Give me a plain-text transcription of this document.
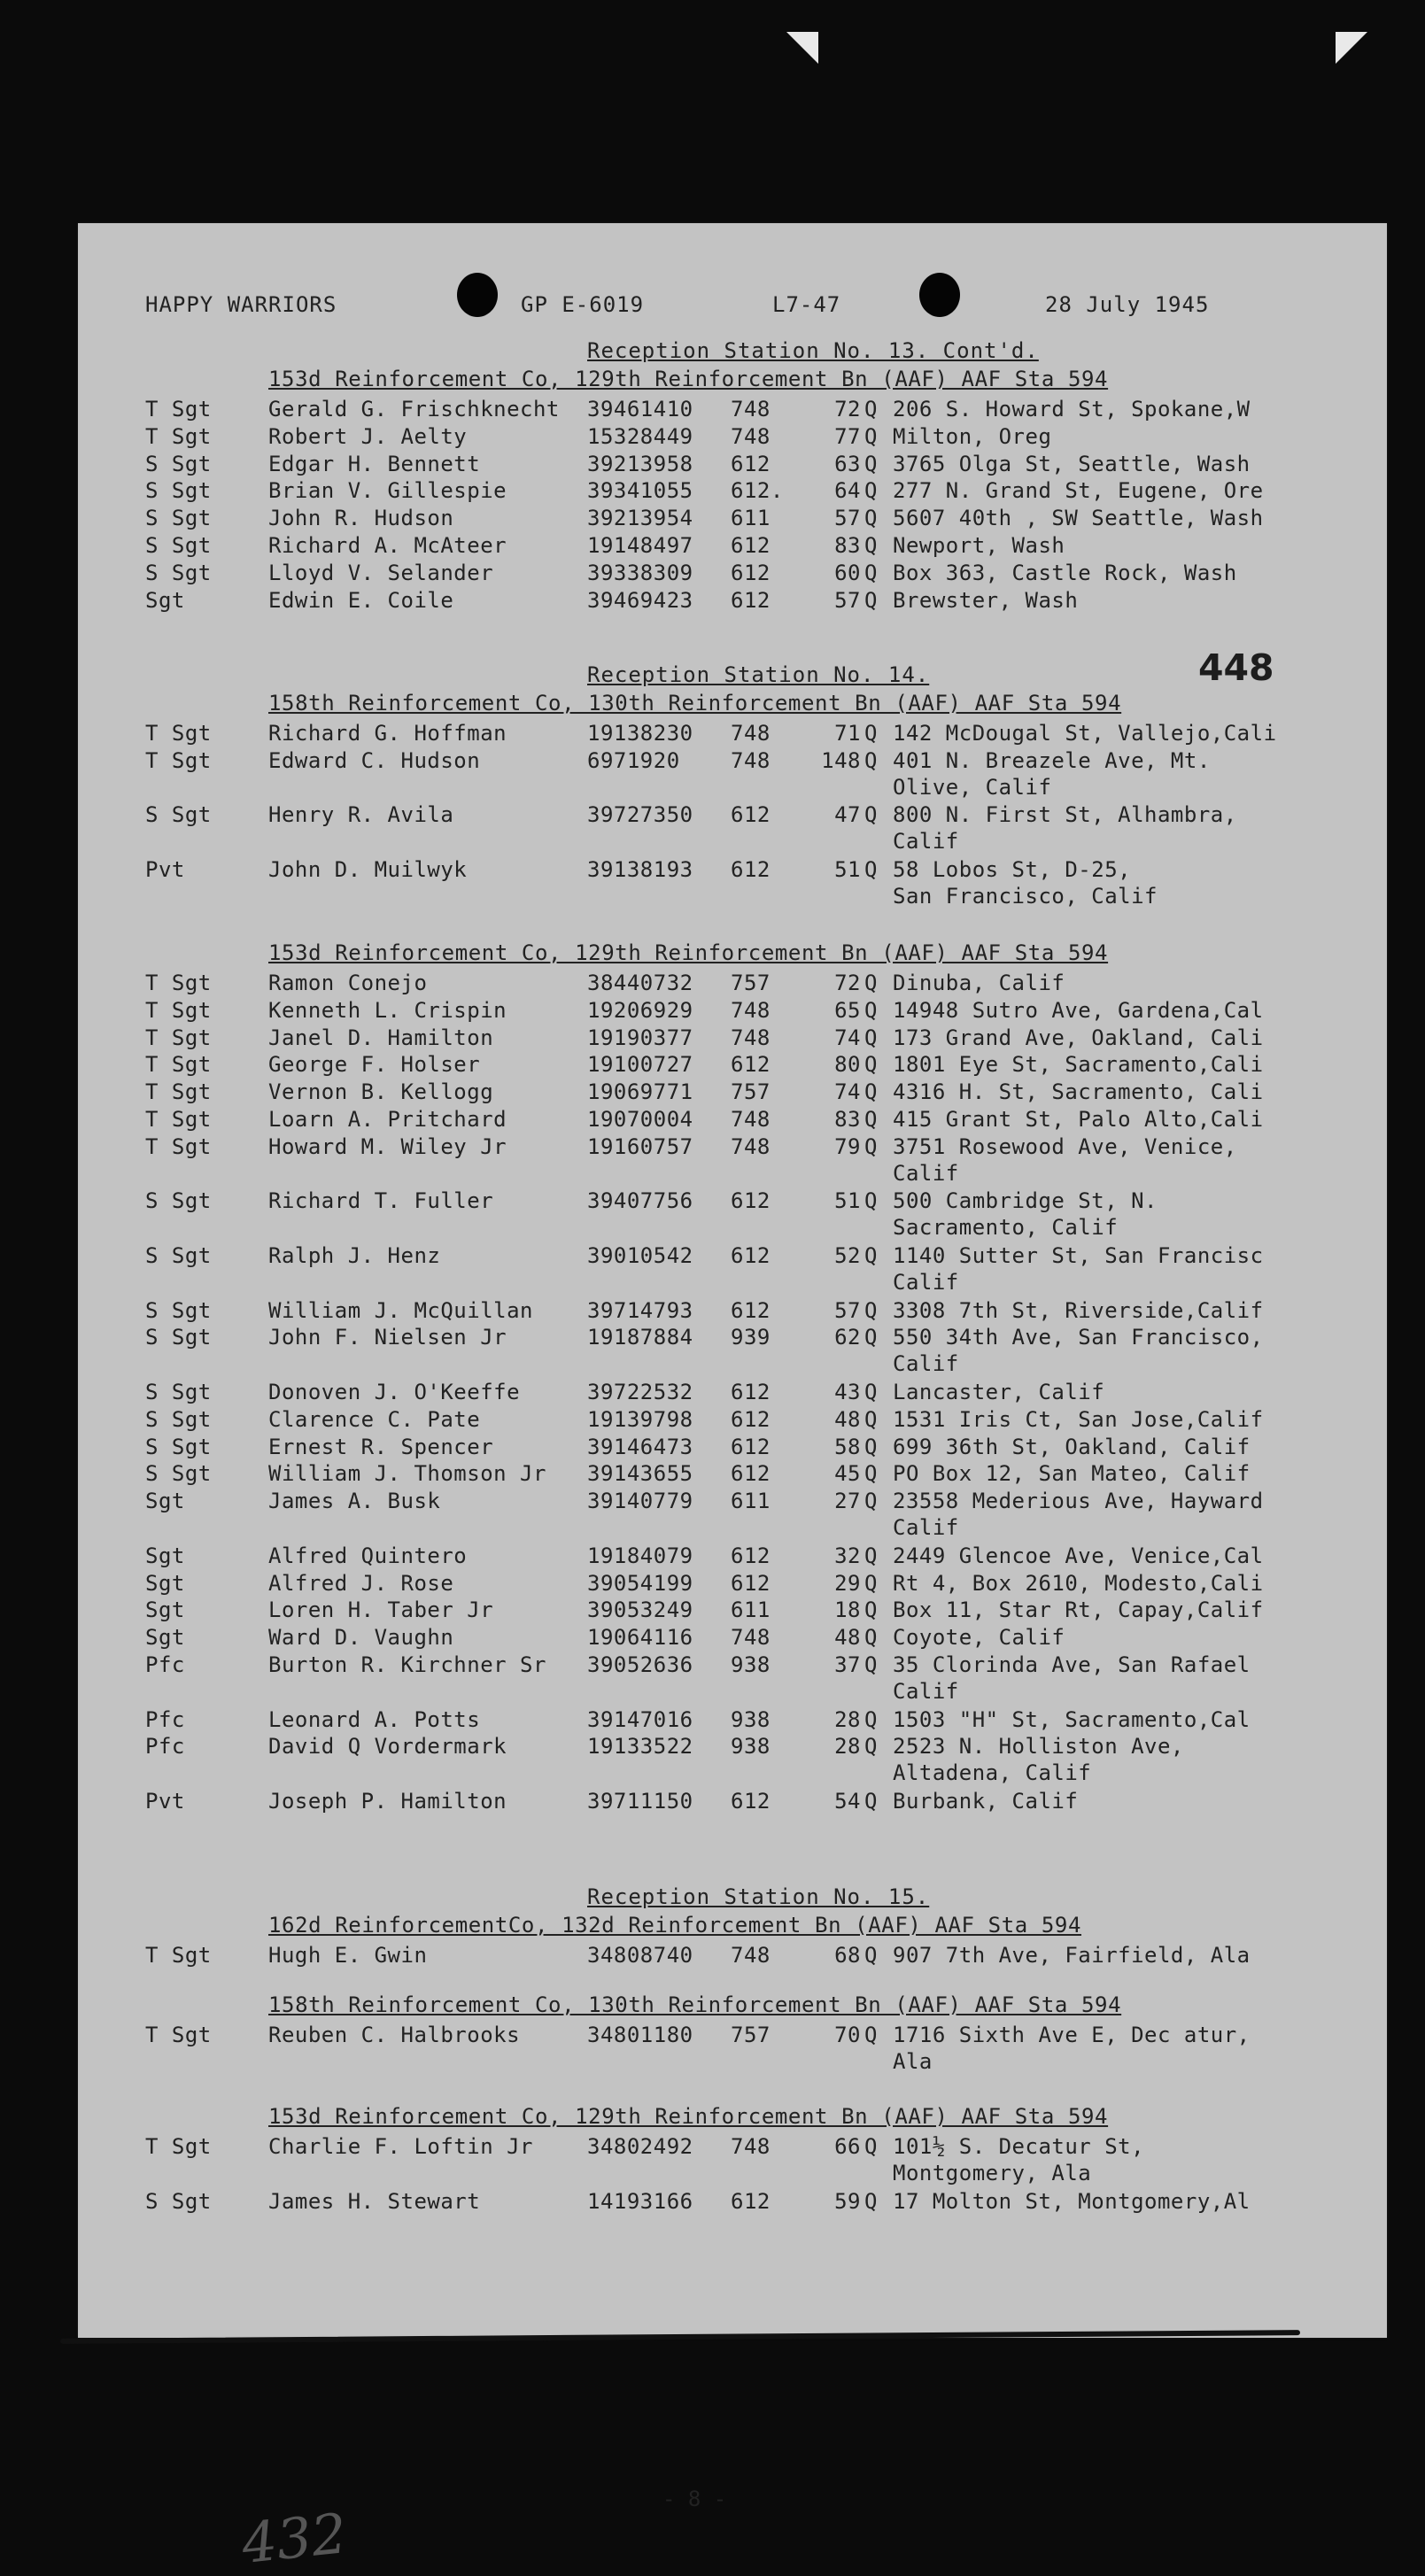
HAPPY WARRIORS	GP E-6019	L7-47	28 July 1945
448
Reception Station No. 13. Cont'd.
153d Reinforcement Co, 129th Reinforcement Bn (AAF) AAF Sta 594
T Sgt	Gerald G. Frischknecht 39461410 748	72 Q 206 S. Howard St, Spokane,W
T Sgt	Robert J. Aelty	15328449 748	77 Q Milton, Oreg
S Sgt	Edgar H. Bennett	39213958 612	63 Q 3765 Olga St, Seattle, Wash
S Sgt	Brian V. Gillespie	39341055 612.	64 Q 277 N. Grand St, Eugene, Ore
S Sgt	John R. Hudson	39213954 611	57 Q 5607 40th , SW Seattle, Wash
S Sgt	Richard A. McAteer	19148497 612	83 Q Newport, Wash
S Sgt	Lloyd V. Selander	39338309 612	60 Q Box 363, Castle Rock, Wash
Sgt	Edwin E. Coile	39469423 612	57 Q Brewster, Wash
Reception Station No. 14.
158th Reinforcement Co, 130th Reinforcement Bn (AAF) AAF Sta 594
T Sgt	Richard G. Hoffman	19138230 748	71 Q 142 McDougal St, Vallejo,Cali
T Sgt	Edward C. Hudson	6971920 748	148 Q 401 N. Breazele Ave, Mt.
Olive, Calif
S Sgt	Henry R. Avila	39727350 612	47 Q 800 N. First St, Alhambra,
Calif
Pvt	John D. Muilwyk	39138193 612	51 Q 58 Lobos St, D-25,
San Francisco, Calif
153d Reinforcement Co, 129th Reinforcement Bn (AAF) AAF Sta 594
T Sgt	Ramon Conejo	38440732 757	72 Q Dinuba, Calif
T Sgt	Kenneth L. Crispin	19206929 748	65 Q 14948 Sutro Ave, Gardena,Cal
T Sgt	Janel D. Hamilton	19190377 748	74 Q 173 Grand Ave, Oakland, Cali
T Sgt	George F. Holser	19100727 612	80 Q 1801 Eye St, Sacramento,Cali
T Sgt	Vernon B. Kellogg	19069771 757	74 Q 4316 H. St, Sacramento, Cali
T Sgt	Loarn A. Pritchard	19070004 748	83 Q 415 Grant St, Palo Alto,Cali
T Sgt	Howard M. Wiley Jr	19160757 748	79 Q 3751 Rosewood Ave, Venice,
Calif
S Sgt	Richard T. Fuller	39407756 612	51 Q 500 Cambridge St, N.
Sacramento, Calif
S Sgt	Ralph J. Henz	39010542 612	52 Q 1140 Sutter St, San Francisc
Calif
S Sgt	William J. McQuillan	39714793 612	57 Q 3308 7th St, Riverside,Calif
S Sgt	John F. Nielsen Jr	19187884 939	62 Q 550 34th Ave, San Francisco,
Calif
S Sgt	Donoven J. O'Keeffe	39722532 612	43 Q Lancaster, Calif
S Sgt	Clarence C. Pate	19139798 612	48 Q 1531 Iris Ct, San Jose,Calif
S Sgt	Ernest R. Spencer	39146473 612	58 Q 699 36th St, Oakland, Calif
S Sgt	William J. Thomson Jr 39143655 612	45 Q PO Box 12, San Mateo, Calif
Sgt	James A. Busk	39140779 611	27 Q 23558 Mederious Ave, Hayward
Calif
Sgt	Alfred Quintero	19184079 612	32 Q 2449 Glencoe Ave, Venice,Cal
Sgt	Alfred J. Rose	39054199 612	29 Q Rt 4, Box 2610, Modesto,Cali
Sgt	Loren H. Taber Jr	39053249 611	18 Q Box 11, Star Rt, Capay,Calif
Sgt	Ward D. Vaughn	19064116 748	48 Q Coyote, Calif
Pfc	Burton R. Kirchner Sr 39052636 938	37 Q 35 Clorinda Ave, San Rafael
Calif
Pfc	Leonard A. Potts	39147016 938	28 Q 1503 "H" St, Sacramento,Cal
Pfc	David Q Vordermark	19133522 938	28 Q 2523 N. Holliston Ave,
Altadena, Calif
Pvt	Joseph P. Hamilton	39711150 612	54 Q Burbank, Calif
Reception Station No. 15.
162d ReinforcementCo, 132d Reinforcement Bn (AAF) AAF Sta 594
T Sgt	Hugh E. Gwin	34808740 748	68 Q 907 7th Ave, Fairfield, Ala
158th Reinforcement Co, 130th Reinforcement Bn (AAF) AAF Sta 594
T Sgt	Reuben C. Halbrooks	34801180 757	70 Q 1716 Sixth Ave E, Dec atur,
Ala
153d Reinforcement Co, 129th Reinforcement Bn (AAF) AAF Sta 594
T Sgt	Charlie F. Loftin Jr	34802492 748	66 Q 101½ S. Decatur St,
Montgomery, Ala
S Sgt	James H. Stewart	14193166 612	59 Q 17 Molton St, Montgomery,Al
- 8 -
432
